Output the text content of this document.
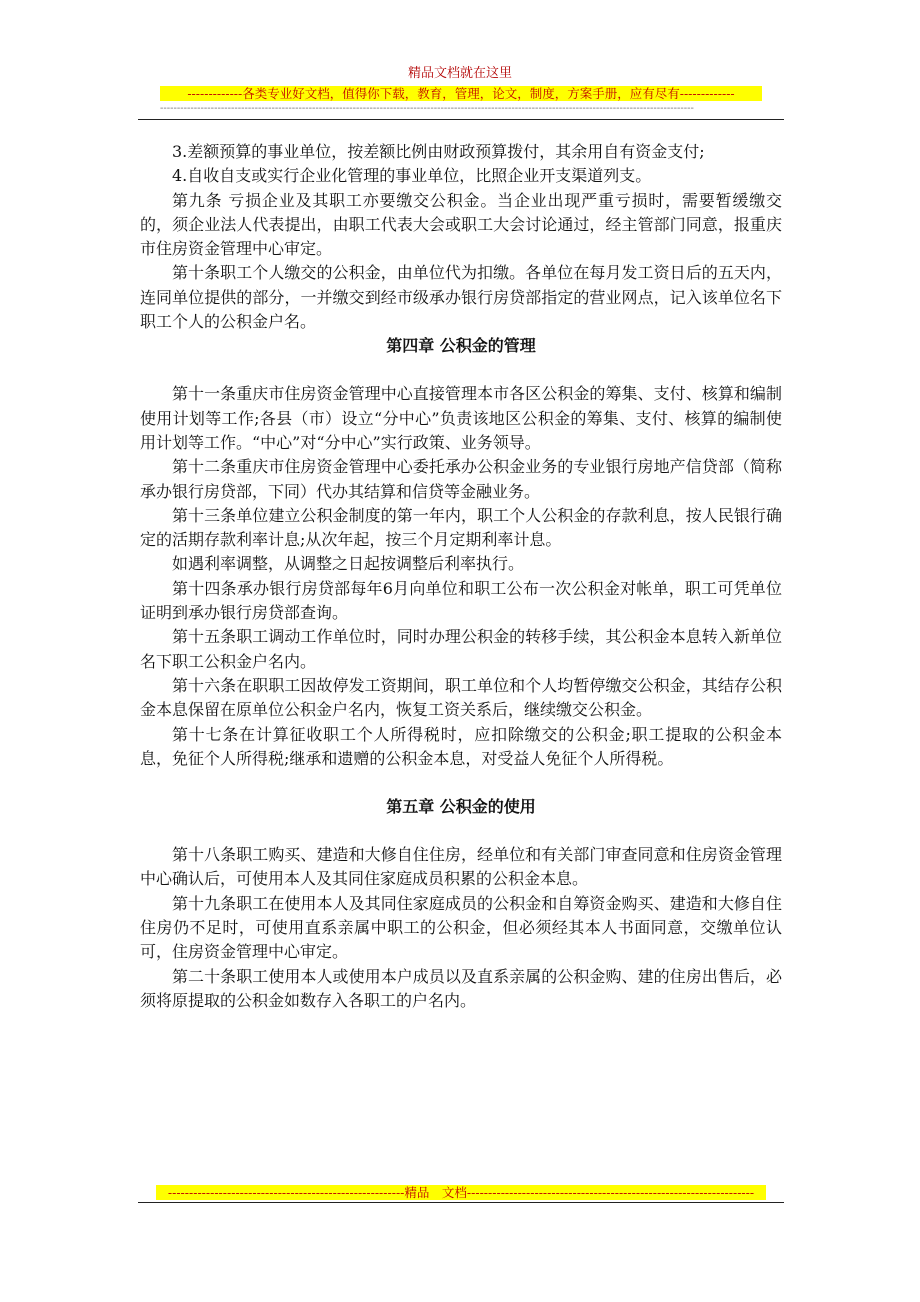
精品文档就在这里
-------------各类专业好文档，值得你下载，教育，管理，论文，制度，方案手册，应有尽有-------------
--------------------------------------------------------------------------------------------------------------------------------------------------------------

3.差额预算的事业单位，按差额比例由财政预算拨付，其余用自有资金支付;

4.自收自支或实行企业化管理的事业单位，比照企业开支渠道列支。

第九条 亏损企业及其职工亦要缴交公积金。当企业出现严重亏损时，需要暂缓缴交的，须企业法人代表提出，由职工代表大会或职工大会讨论通过，经主管部门同意，报重庆市住房资金管理中心审定。

第十条职工个人缴交的公积金，由单位代为扣缴。各单位在每月发工资日后的五天内，连同单位提供的部分，一并缴交到经市级承办银行房贷部指定的营业网点，记入该单位名下职工个人的公积金户名。

第四章 公积金的管理

第十一条重庆市住房资金管理中心直接管理本市各区公积金的筹集、支付、核算和编制使用计划等工作;各县（市）设立“分中心”负责该地区公积金的筹集、支付、核算的编制使用计划等工作。“中心”对“分中心”实行政策、业务领导。

第十二条重庆市住房资金管理中心委托承办公积金业务的专业银行房地产信贷部（简称承办银行房贷部，下同）代办其结算和信贷等金融业务。

第十三条单位建立公积金制度的第一年内，职工个人公积金的存款利息，按人民银行确定的活期存款利率计息;从次年起，按三个月定期利率计息。

如遇利率调整，从调整之日起按调整后利率执行。

第十四条承办银行房贷部每年6月向单位和职工公布一次公积金对帐单，职工可凭单位证明到承办银行房贷部查询。

第十五条职工调动工作单位时，同时办理公积金的转移手续，其公积金本息转入新单位名下职工公积金户名内。

第十六条在职职工因故停发工资期间，职工单位和个人均暂停缴交公积金，其结存公积金本息保留在原单位公积金户名内，恢复工资关系后，继续缴交公积金。

第十七条在计算征收职工个人所得税时，应扣除缴交的公积金;职工提取的公积金本息，免征个人所得税;继承和遗赠的公积金本息，对受益人免征个人所得税。

第五章 公积金的使用

第十八条职工购买、建造和大修自住住房，经单位和有关部门审查同意和住房资金管理中心确认后，可使用本人及其同住家庭成员积累的公积金本息。

第十九条职工在使用本人及其同住家庭成员的公积金和自筹资金购买、建造和大修自住住房仍不足时，可使用直系亲属中职工的公积金，但必须经其本人书面同意，交缴单位认可，住房资金管理中心审定。

第二十条职工使用本人或使用本户成员以及直系亲属的公积金购、建的住房出售后，必须将原提取的公积金如数存入各职工的户名内。

--------------------------------------------------------精品　文档--------------------------------------------------------------------
